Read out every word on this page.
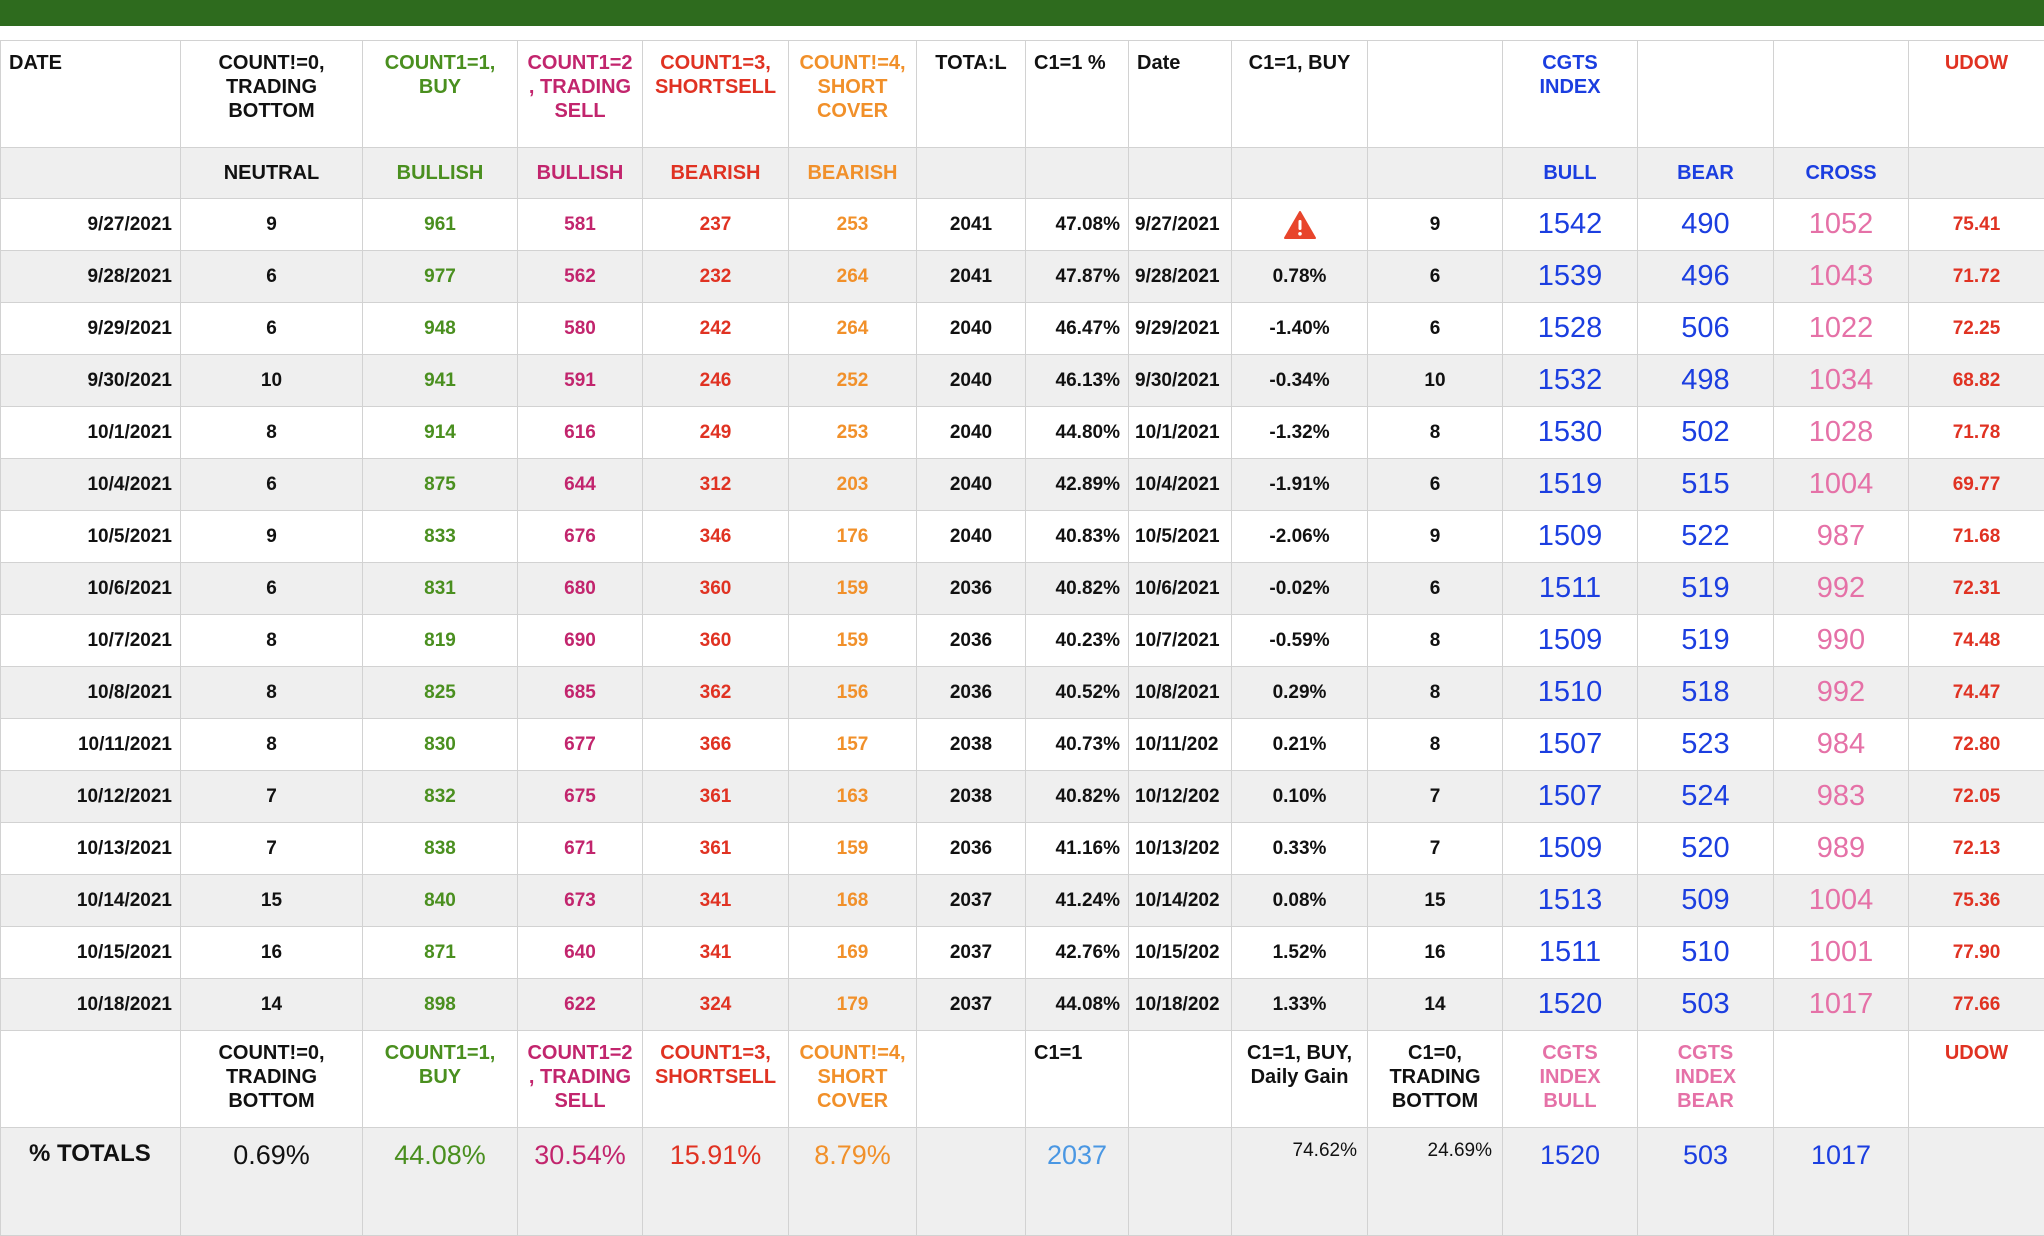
DATE	COUNT!=0, TRADING BOTTOM	COUNT1=1, BUY	COUNT1=2 , TRADING SELL	COUNT1=3, SHORTSELL	COUNT!=4, SHORT COVER	TOTA:L	C1=1 %	Date	C1=1, BUY		CGTS INDEX			UDOW
	NEUTRAL	BULLISH	BULLISH	BEARISH	BEARISH						BULL	BEAR	CROSS	
9/27/2021	9	961	581	237	253	2041	47.08%	9/27/2021		9	1542	490	1052	75.41
9/28/2021	6	977	562	232	264	2041	47.87%	9/28/2021	0.78%	6	1539	496	1043	71.72
9/29/2021	6	948	580	242	264	2040	46.47%	9/29/2021	-1.40%	6	1528	506	1022	72.25
9/30/2021	10	941	591	246	252	2040	46.13%	9/30/2021	-0.34%	10	1532	498	1034	68.82
10/1/2021	8	914	616	249	253	2040	44.80%	10/1/2021	-1.32%	8	1530	502	1028	71.78
10/4/2021	6	875	644	312	203	2040	42.89%	10/4/2021	-1.91%	6	1519	515	1004	69.77
10/5/2021	9	833	676	346	176	2040	40.83%	10/5/2021	-2.06%	9	1509	522	987	71.68
10/6/2021	6	831	680	360	159	2036	40.82%	10/6/2021	-0.02%	6	1511	519	992	72.31
10/7/2021	8	819	690	360	159	2036	40.23%	10/7/2021	-0.59%	8	1509	519	990	74.48
10/8/2021	8	825	685	362	156	2036	40.52%	10/8/2021	0.29%	8	1510	518	992	74.47
10/11/2021	8	830	677	366	157	2038	40.73%	10/11/202	0.21%	8	1507	523	984	72.80
10/12/2021	7	832	675	361	163	2038	40.82%	10/12/202	0.10%	7	1507	524	983	72.05
10/13/2021	7	838	671	361	159	2036	41.16%	10/13/202	0.33%	7	1509	520	989	72.13
10/14/2021	15	840	673	341	168	2037	41.24%	10/14/202	0.08%	15	1513	509	1004	75.36
10/15/2021	16	871	640	341	169	2037	42.76%	10/15/202	1.52%	16	1511	510	1001	77.90
10/18/2021	14	898	622	324	179	2037	44.08%	10/18/202	1.33%	14	1520	503	1017	77.66
	COUNT!=0, TRADING BOTTOM	COUNT1=1, BUY	COUNT1=2 , TRADING SELL	COUNT1=3, SHORTSELL	COUNT!=4, SHORT COVER		C1=1		C1=1, BUY, Daily Gain	C1=0, TRADING BOTTOM	CGTS INDEX BULL	CGTS INDEX BEAR		UDOW
% TOTALS	0.69%	44.08%	30.54%	15.91%	8.79%		2037		74.62%	24.69%	1520	503	1017	
